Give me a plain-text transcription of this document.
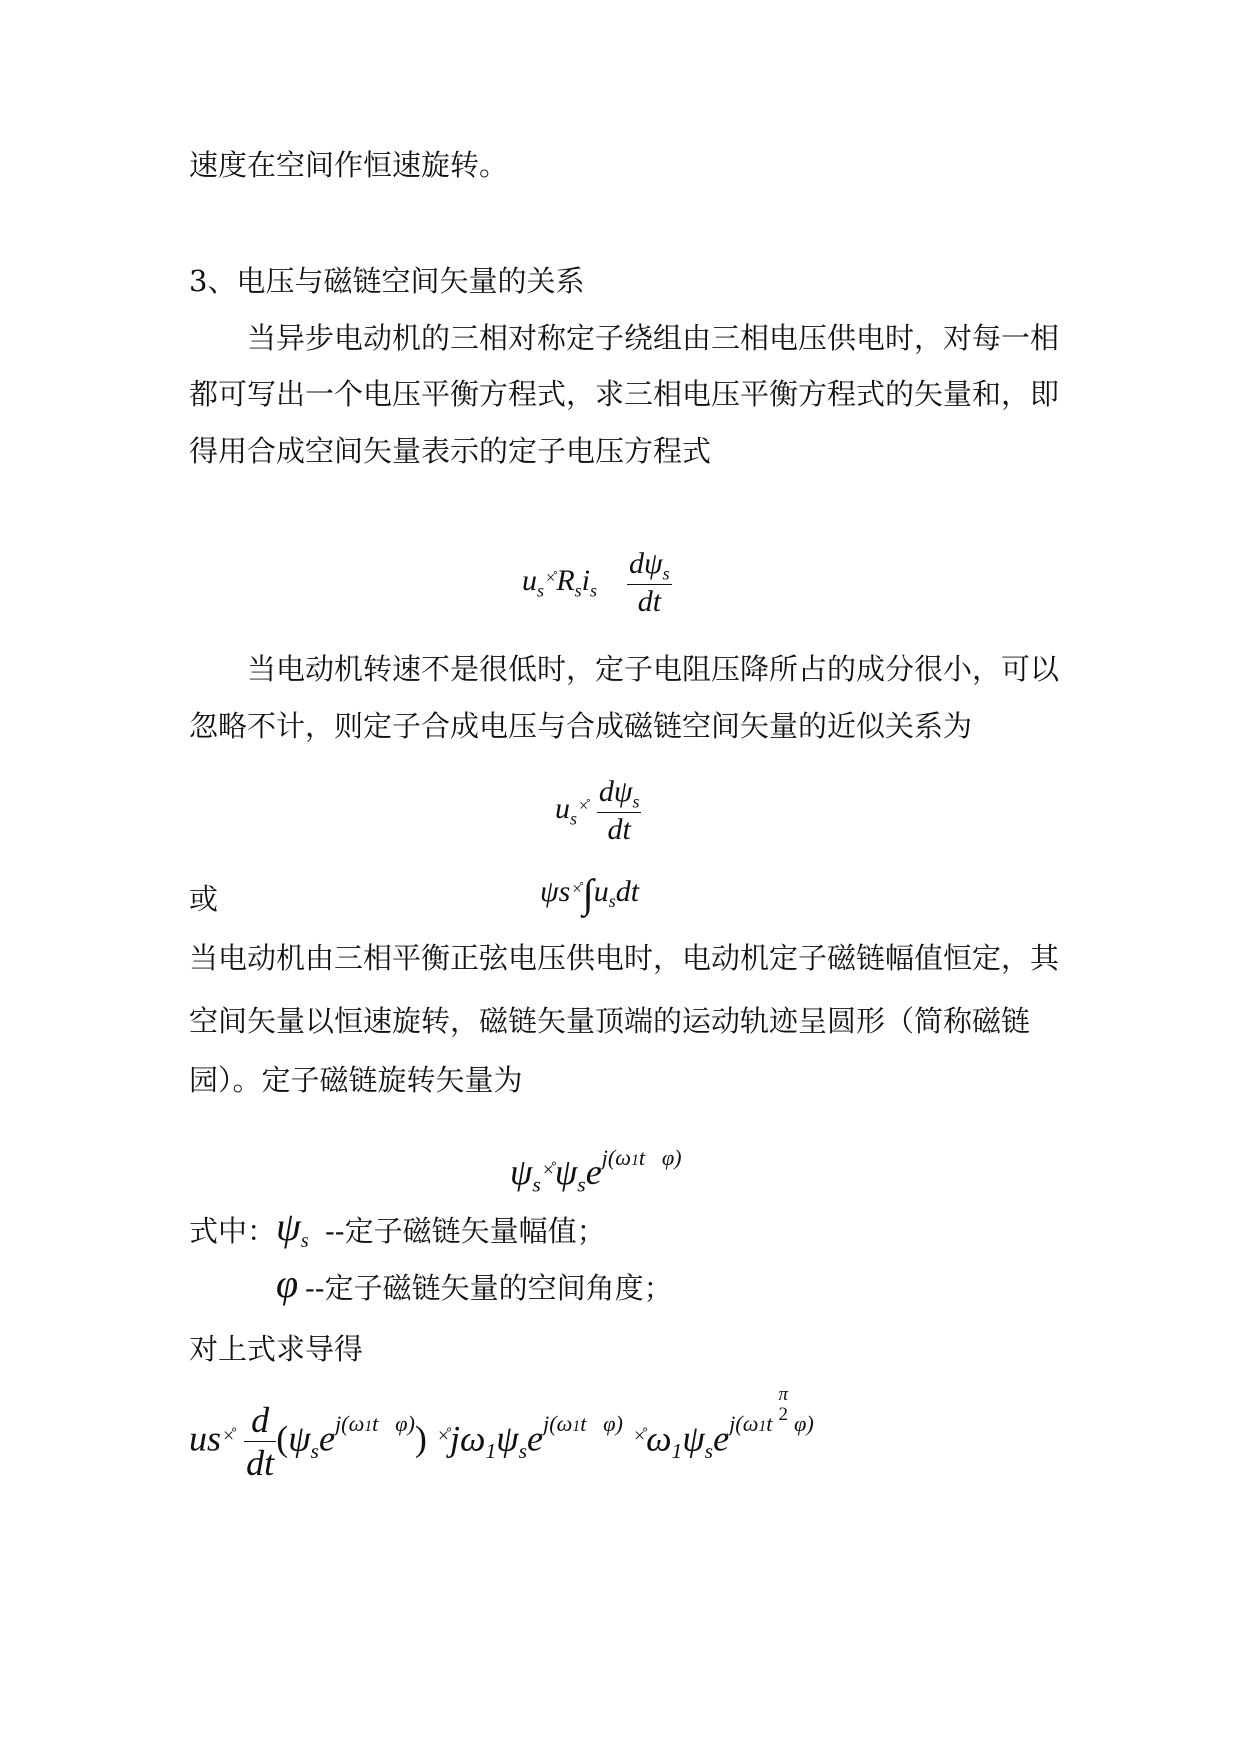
速度在空间作恒速旋转。
3、电压与磁链空间矢量的关系
当异步电动机的三相对称定子绕组由三相电压供电时，对每一相
都可写出一个电压平衡方程式，求三相电压平衡方程式的矢量和，即
得用合成空间矢量表示的定子电压方程式
$u_s^{\times̊}R_si_s \frac{d\psi_s}{dt}$
当电动机转速不是很低时，定子电阻压降所占的成分很小，可以
忽略不计，则定子合成电压与合成磁链空间矢量的近似关系为
$u_s^{\times̊} \frac{d\psi_s}{dt}$
或	ψs $^{\times̊}\int u_sdt$
当电动机由三相平衡正弦电压供电时，电动机定子磁链幅值恒定，其
空间矢量以恒速旋转，磁链矢量顶端的运动轨迹呈圆形（简称磁链
园）。定子磁链旋转矢量为
$\psi_s^{\times̊}\psi_se^{j(\omega 1t \varphi)}$
式中： $\psi_s$ --定子磁链矢量幅值；
φ --定子磁链矢量的空间角度；
对上式求导得
us $^{\times̊} \frac{d}{dt} (\psi_se^{j(\omega 1t \varphi)})$ $^{\times̊}j\omega_1\psi_se^{j(\omega 1t \varphi)}$ $^{\times̊}\omega_1\psi_se^{j(\omega 1t\pi 2 \varphi)}$
